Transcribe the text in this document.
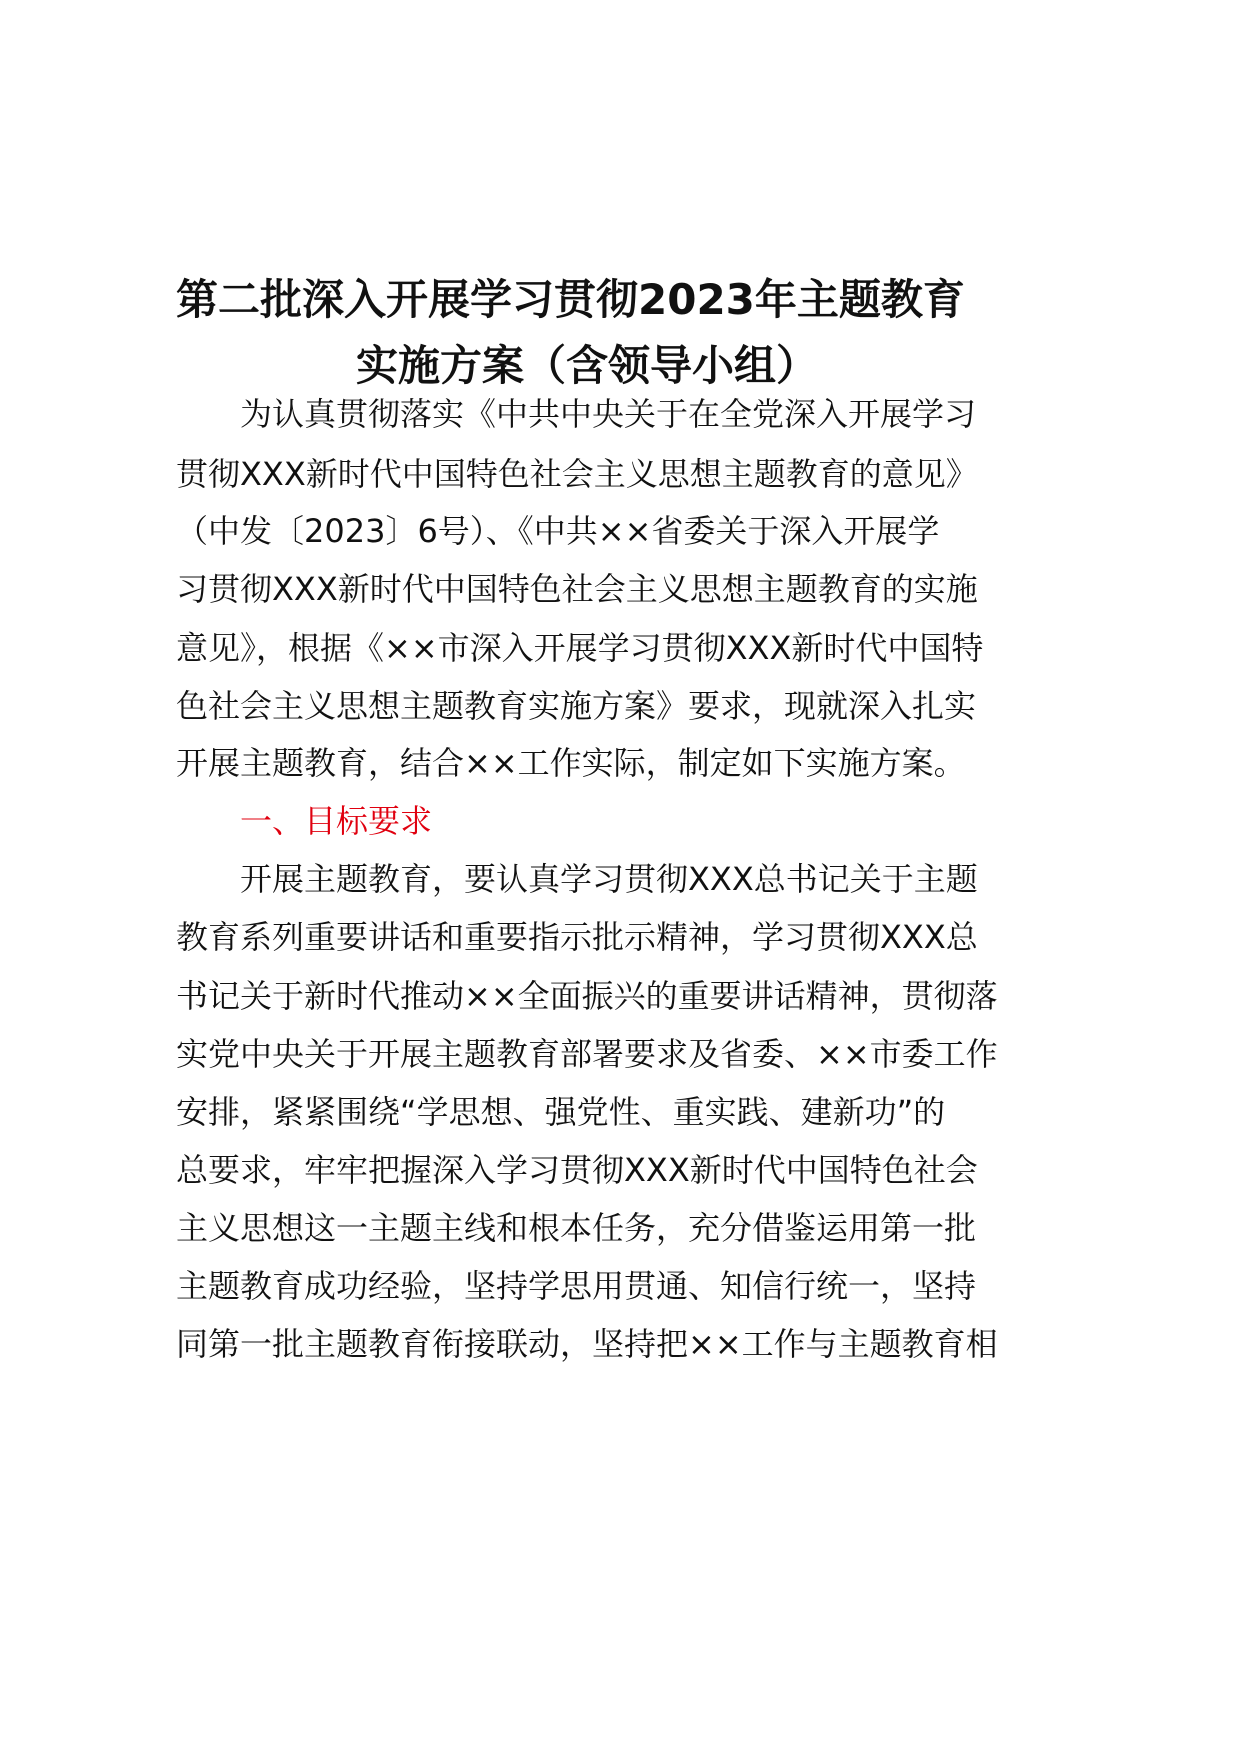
第二批深入开展学习贯彻2023年主题教育
实施方案（含领导小组）
为认真贯彻落实《中共中央关于在全党深入开展学习
贯彻XXX新时代中国特色社会主义思想主题教育的意见》
（中发〔2023〕6号）、《中共××省委关于深入开展学
习贯彻XXX新时代中国特色社会主义思想主题教育的实施
意见》，根据《××市深入开展学习贯彻XXX新时代中国特
色社会主义思想主题教育实施方案》要求，现就深入扎实
开展主题教育，结合××工作实际，制定如下实施方案。
一、目标要求
开展主题教育，要认真学习贯彻XXX总书记关于主题
教育系列重要讲话和重要指示批示精神，学习贯彻XXX总
书记关于新时代推动××全面振兴的重要讲话精神，贯彻落
实党中央关于开展主题教育部署要求及省委、××市委工作
安排，紧紧围绕“学思想、强党性、重实践、建新功”的
总要求，牢牢把握深入学习贯彻XXX新时代中国特色社会
主义思想这一主题主线和根本任务，充分借鉴运用第一批
主题教育成功经验，坚持学思用贯通、知信行统一，坚持
同第一批主题教育衔接联动，坚持把××工作与主题教育相
